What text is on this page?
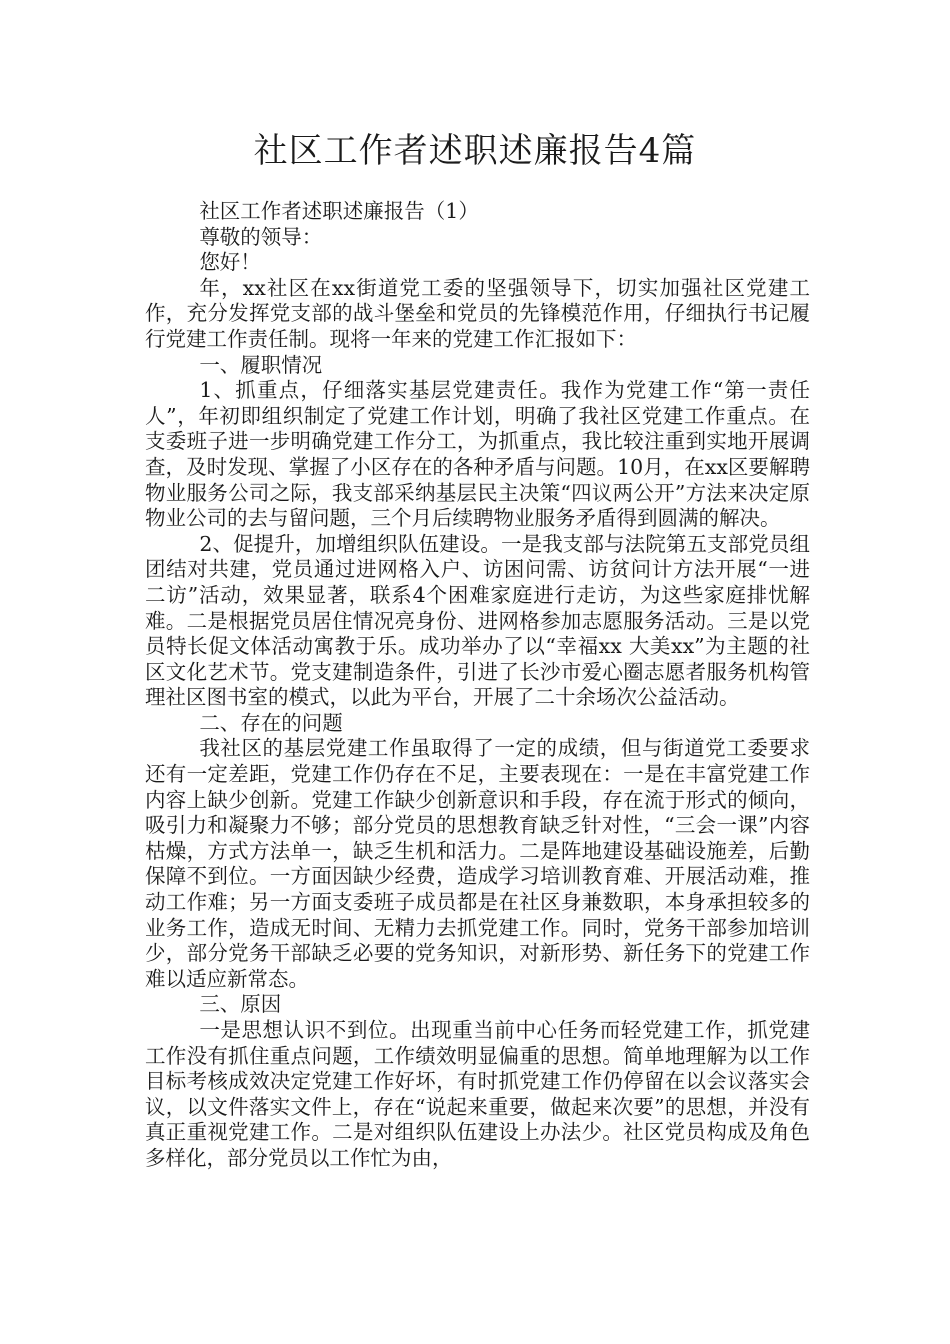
社区工作者述职述廉报告4篇

社区工作者述职述廉报告（1）

尊敬的领导：

您好！

年，xx社区在xx街道党工委的坚强领导下，切实加强社区党建工作，充分发挥党支部的战斗堡垒和党员的先锋模范作用，仔细执行书记履行党建工作责任制。现将一年来的党建工作汇报如下：

一、履职情况

1、抓重点，仔细落实基层党建责任。我作为党建工作“第一责任人”，年初即组织制定了党建工作计划，明确了我社区党建工作重点。在支委班子进一步明确党建工作分工，为抓重点，我比较注重到实地开展调查，及时发现、掌握了小区存在的各种矛盾与问题。10月，在xx区要解聘物业服务公司之际，我支部采纳基层民主决策“四议两公开”方法来决定原物业公司的去与留问题，三个月后续聘物业服务矛盾得到圆满的解决。

2、促提升，加增组织队伍建设。一是我支部与法院第五支部党员组团结对共建，党员通过进网格入户、访困问需、访贫问计方法开展“一进二访”活动，效果显著，联系4个困难家庭进行走访，为这些家庭排忧解难。二是根据党员居住情况亮身份、进网格参加志愿服务活动。三是以党员特长促文体活动寓教于乐。成功举办了以“幸福xx 大美xx”为主题的社区文化艺术节。党支建制造条件，引进了长沙市爱心圈志愿者服务机构管理社区图书室的模式，以此为平台，开展了二十余场次公益活动。

二、存在的问题

我社区的基层党建工作虽取得了一定的成绩，但与街道党工委要求还有一定差距，党建工作仍存在不足，主要表现在：一是在丰富党建工作内容上缺少创新。党建工作缺少创新意识和手段，存在流于形式的倾向，吸引力和凝聚力不够；部分党员的思想教育缺乏针对性，“三会一课”内容枯燥，方式方法单一，缺乏生机和活力。二是阵地建设基础设施差，后勤保障不到位。一方面因缺少经费，造成学习培训教育难、开展活动难，推动工作难；另一方面支委班子成员都是在社区身兼数职，本身承担较多的业务工作，造成无时间、无精力去抓党建工作。同时，党务干部参加培训少，部分党务干部缺乏必要的党务知识，对新形势、新任务下的党建工作难以适应新常态。

三、原因

一是思想认识不到位。出现重当前中心任务而轻党建工作，抓党建工作没有抓住重点问题，工作绩效明显偏重的思想。简单地理解为以工作目标考核成效决定党建工作好坏，有时抓党建工作仍停留在以会议落实会议，以文件落实文件上，存在“说起来重要，做起来次要”的思想，并没有真正重视党建工作。二是对组织队伍建设上办法少。社区党员构成及角色多样化，部分党员以工作忙为由，
